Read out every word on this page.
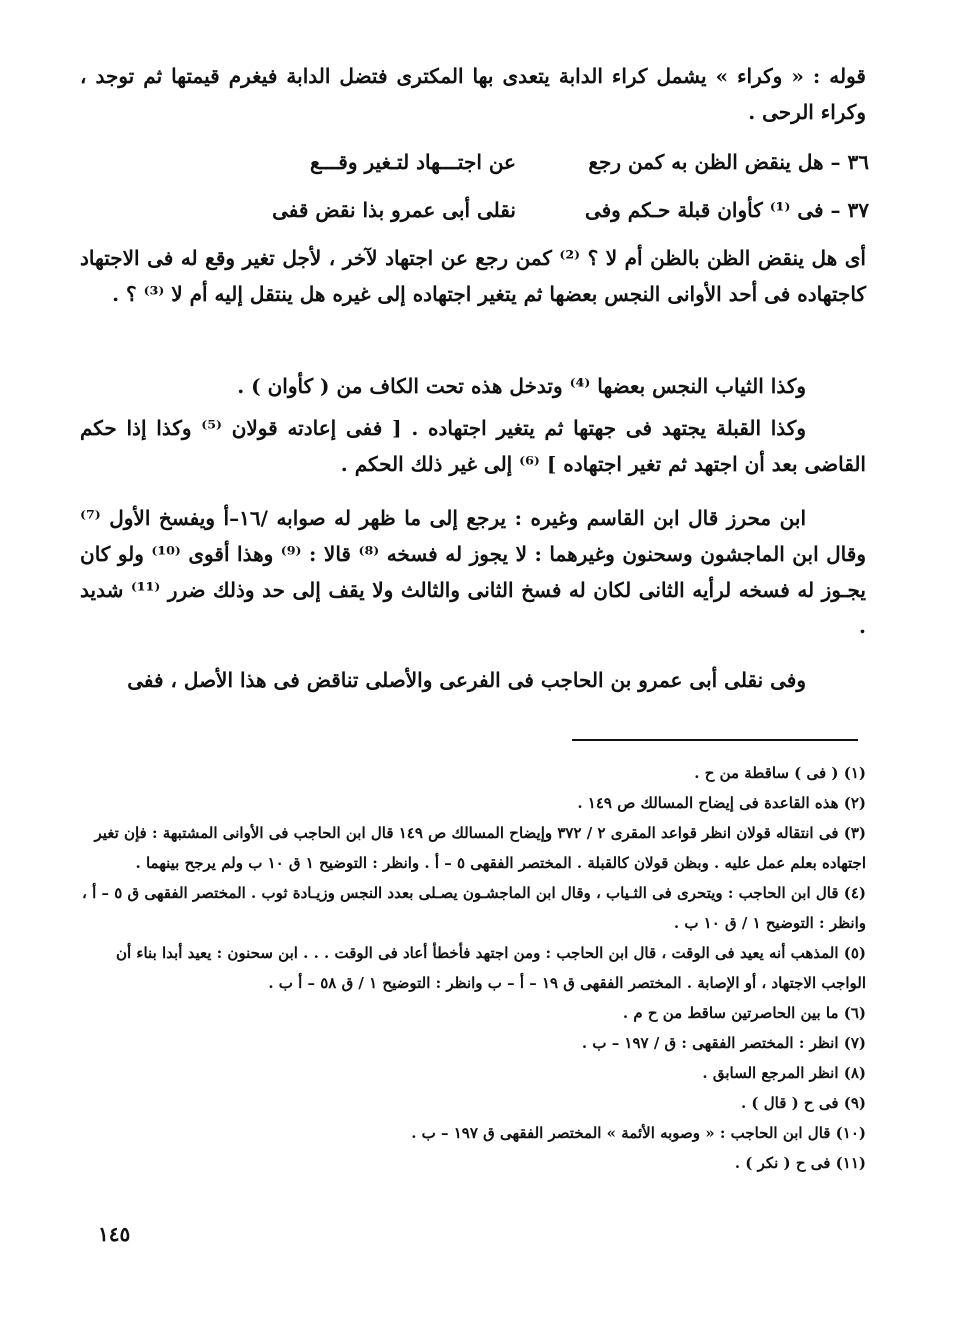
قوله : « وكراء » يشمل كراء الدابة يتعدى بها المكترى فتضل الدابة فيغرم قيمتها ثم توجد ، وكراء الرحى .

٣٦ – هل ينقض الظن به كمن رجع
عن اجتـــهاد لتـغير وقـــع
٣٧ – فى ⁽¹⁾ كأوان قبلة حـكم وفى
نقلى أبى عمرو بذا نقض قفى

أى هل ينقض الظن بالظن أم لا ؟ ⁽²⁾ كمن رجع عن اجتهاد لآخر ، لأجل تغير وقع له فى الاجتهاد كاجتهاده فى أحد الأوانى النجس بعضها ثم يتغير اجتهاده إلى غيره هل ينتقل إليه أم لا ⁽³⁾ ؟ .

وكذا الثياب النجس بعضها ⁽⁴⁾ وتدخل هذه تحت الكاف من ( كأوان ) .

وكذا القبلة يجتهد فى جهتها ثم يتغير اجتهاده . [ ففى إعادته قولان ⁽⁵⁾ وكذا إذا حكم القاضى بعد أن اجتهد ثم تغير اجتهاده ] ⁽⁶⁾ إلى غير ذلك الحكم .

ابن محرز قال ابن القاسم وغيره : يرجع إلى ما ظهر له صوابه /١٦–أ ويفسخ الأول ⁽⁷⁾ وقال ابن الماجشون وسحنون وغيرهما : لا يجوز له فسخه ⁽⁸⁾ قالا : ⁽⁹⁾ وهذا أقوى ⁽¹⁰⁾ ولو كان يجـوز له فسخه لرأيه الثانى لكان له فسخ الثانى والثالث ولا يقف إلى حد وذلك ضرر ⁽¹¹⁾ شديد .

وفى نقلى أبى عمرو بن الحاجب فى الفرعى والأصلى تناقض فى هذا الأصل ، ففى

(١) ( فى ) ساقطة من ح .

(٢) هذه القاعدة فى إيضاح المسالك ص ١٤٩ .

(٣) فى انتقاله قولان انظر قواعد المقرى ٢ / ٣٧٢ وإيضاح المسالك ص ١٤٩ قال ابن الحاجب فى الأوانى المشتبهة : فإن تغير اجتهاده بعلم عمل عليه . وبظن قولان كالقبلة . المختصر الفقهى ٥ – أ . وانظر : التوضيح ١ ق ١٠ ب ولم يرجح بينهما .

(٤) قال ابن الحاجب : ويتحرى فى الثـياب ، وقال ابن الماجشـون يصـلى بعدد النجس وزيـادة ثوب . المختصر الفقهى ق ٥ – أ ، وانظر : التوضيح ١ / ق ١٠ ب .

(٥) المذهب أنه يعيد فى الوقت ، قال ابن الحاجب : ومن اجتهد فأخطأ أعاد فى الوقت . . . ابن سحنون : يعيد أبدا بناء أن الواجب الاجتهاد ، أو الإصابة . المختصر الفقهى ق ١٩ – أ – ب وانظر : التوضيح ١ / ق ٥٨ – أ ب .

(٦) ما بين الحاصرتين ساقط من ح م .

(٧) انظر : المختصر الفقهى : ق / ١٩٧ – ب .

(٨) انظر المرجع السابق .

(٩) فى ح ( قال ) .

(١٠) قال ابن الحاجب : « وصوبه الأئمة » المختصر الفقهى ق ١٩٧ – ب .

(١١) فى ح ( نكر ) .

١٤٥
